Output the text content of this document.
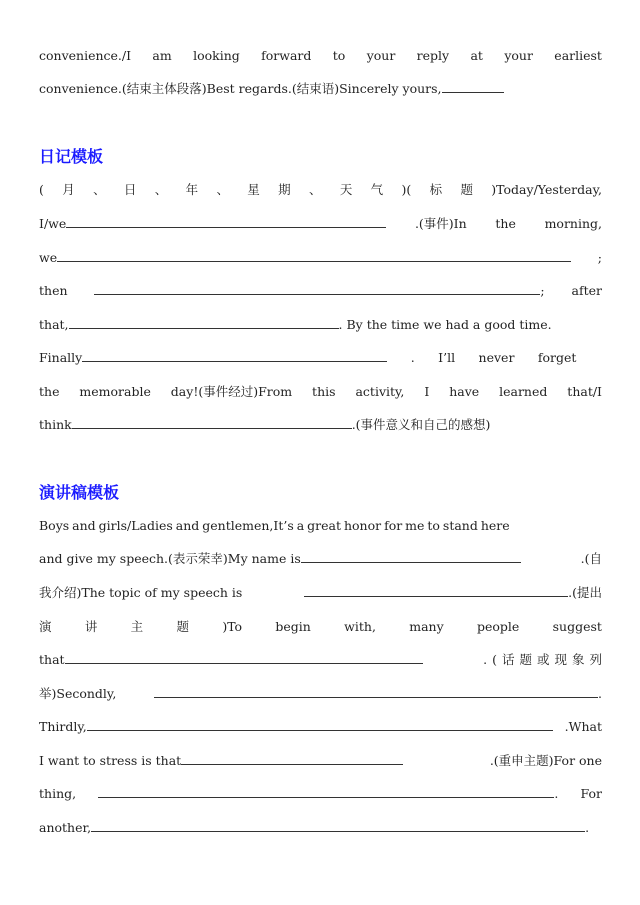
convenience./I am looking forward to your reply at your earliest
convenience.(结束主体段落)Best regards.(结束语)Sincerely yours,
日记模板
( 月 、 日 、 年 、 星 期 、 天 气 )( 标 题 )Today/Yesterday,
I/we	.(事件)In the morning,
we	;
then	; after
that,	. By the time we had a good time.
Finally	. I’ll never forget
the memorable day!(事件经过)From this activity, I have learned that/I
think	.(事件意义和自己的感想)
演讲稿模板
Boys and girls/Ladies and gentlemen,It’s a great honor for me to stand here
and give my speech.(表示荣幸)My name is	.(自
我介绍)The topic of my speech is	.(提出
演	讲	主	题	)To	begin	with,	many	people	suggest
that	.(话题或现象列
举)Secondly,	.
Thirdly,	.What
I want to stress is that	.(重申主题)For one
thing,	. For
another,	.
